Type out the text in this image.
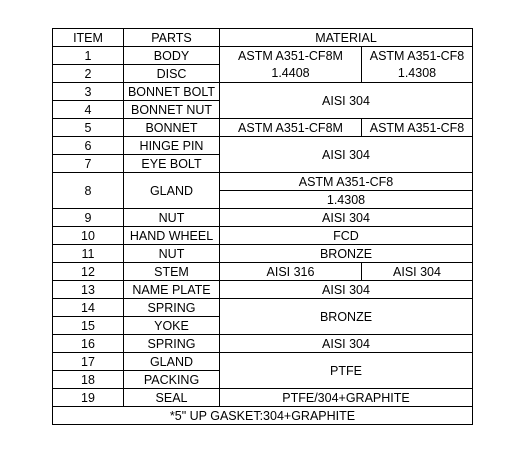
ITEM	PARTS	MATERIAL	
1	BODY	ASTM A351-CF8M	ASTM A351-CF8
2	DISC	1.4408	1.4308
3	BONNET BOLT	AISI 304	
4	BONNET NUT		
5	BONNET	ASTM A351-CF8M	ASTM A351-CF8
6	HINGE PIN	AISI 304	
7	EYE BOLT		
8	GLAND	ASTM A351-CF8	
		1.4308	
9	NUT	AISI 304	
10	HAND WHEEL	FCD	
11	NUT	BRONZE	
12	STEM	AISI 316	AISI 304
13	NAME PLATE	AISI 304	
14	SPRING	BRONZE	
15	YOKE		
16	SPRING	AISI 304	
17	GLAND	PTFE	
18	PACKING		
19	SEAL	PTFE/304+GRAPHITE	
*5" UP GASKET:304+GRAPHITE			
